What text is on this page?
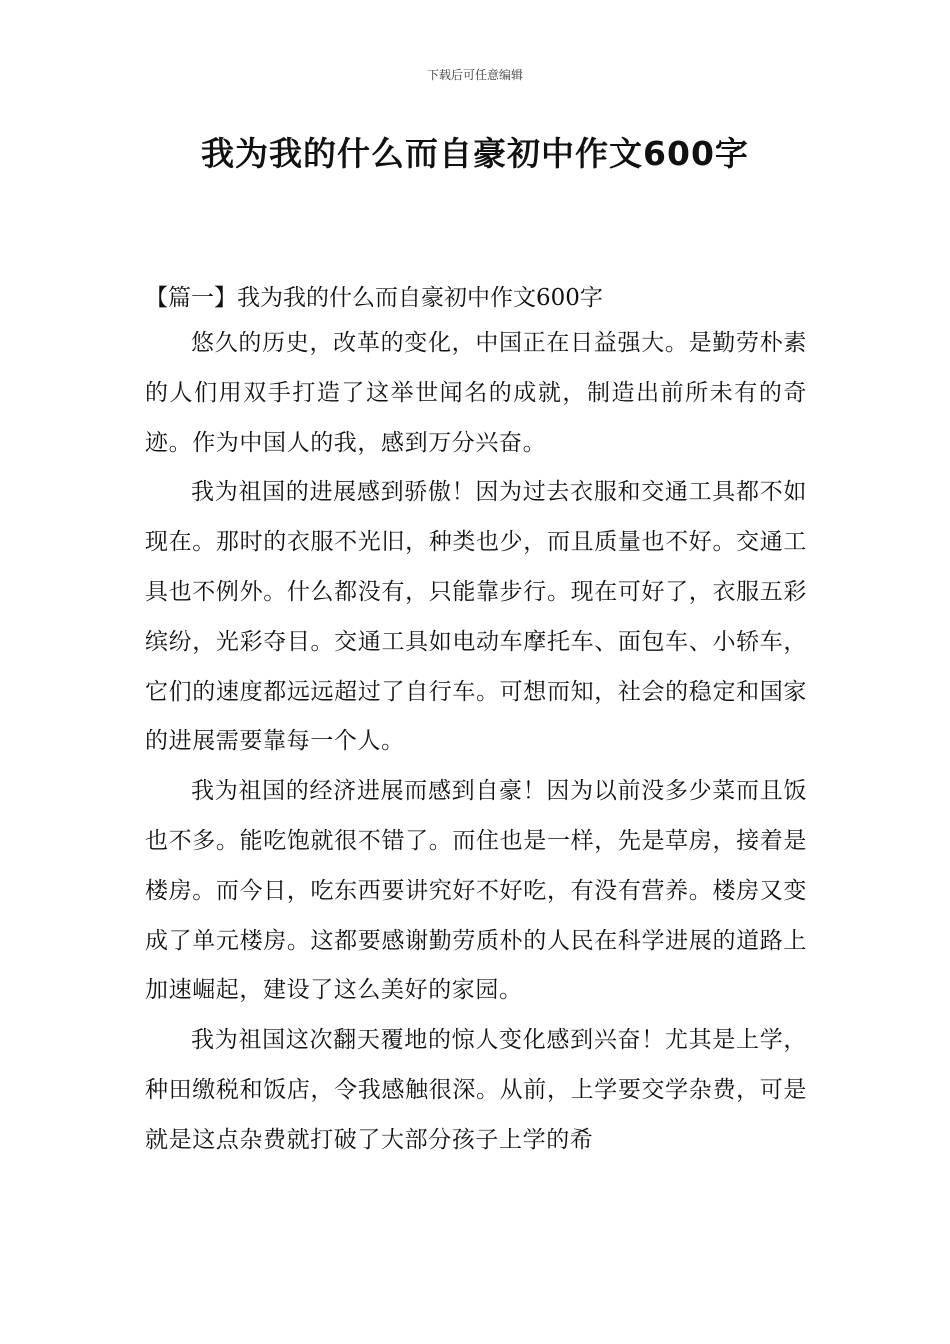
下载后可任意编辑
我为我的什么而自豪初中作文600字

【篇一】我为我的什么而自豪初中作文600字

悠久的历史，改革的变化，中国正在日益强大。是勤劳朴素的人们用双手打造了这举世闻名的成就，制造出前所未有的奇迹。作为中国人的我，感到万分兴奋。

我为祖国的进展感到骄傲！因为过去衣服和交通工具都不如现在。那时的衣服不光旧，种类也少，而且质量也不好。交通工具也不例外。什么都没有，只能靠步行。现在可好了，衣服五彩缤纷，光彩夺目。交通工具如电动车摩托车、面包车、小轿车，它们的速度都远远超过了自行车。可想而知，社会的稳定和国家的进展需要靠每一个人。

我为祖国的经济进展而感到自豪！因为以前没多少菜而且饭也不多。能吃饱就很不错了。而住也是一样，先是草房，接着是楼房。而今日，吃东西要讲究好不好吃，有没有营养。楼房又变成了单元楼房。这都要感谢勤劳质朴的人民在科学进展的道路上加速崛起，建设了这么美好的家园。

我为祖国这次翻天覆地的惊人变化感到兴奋！尤其是上学，种田缴税和饭店，令我感触很深。从前，上学要交学杂费，可是就是这点杂费就打破了大部分孩子上学的希
